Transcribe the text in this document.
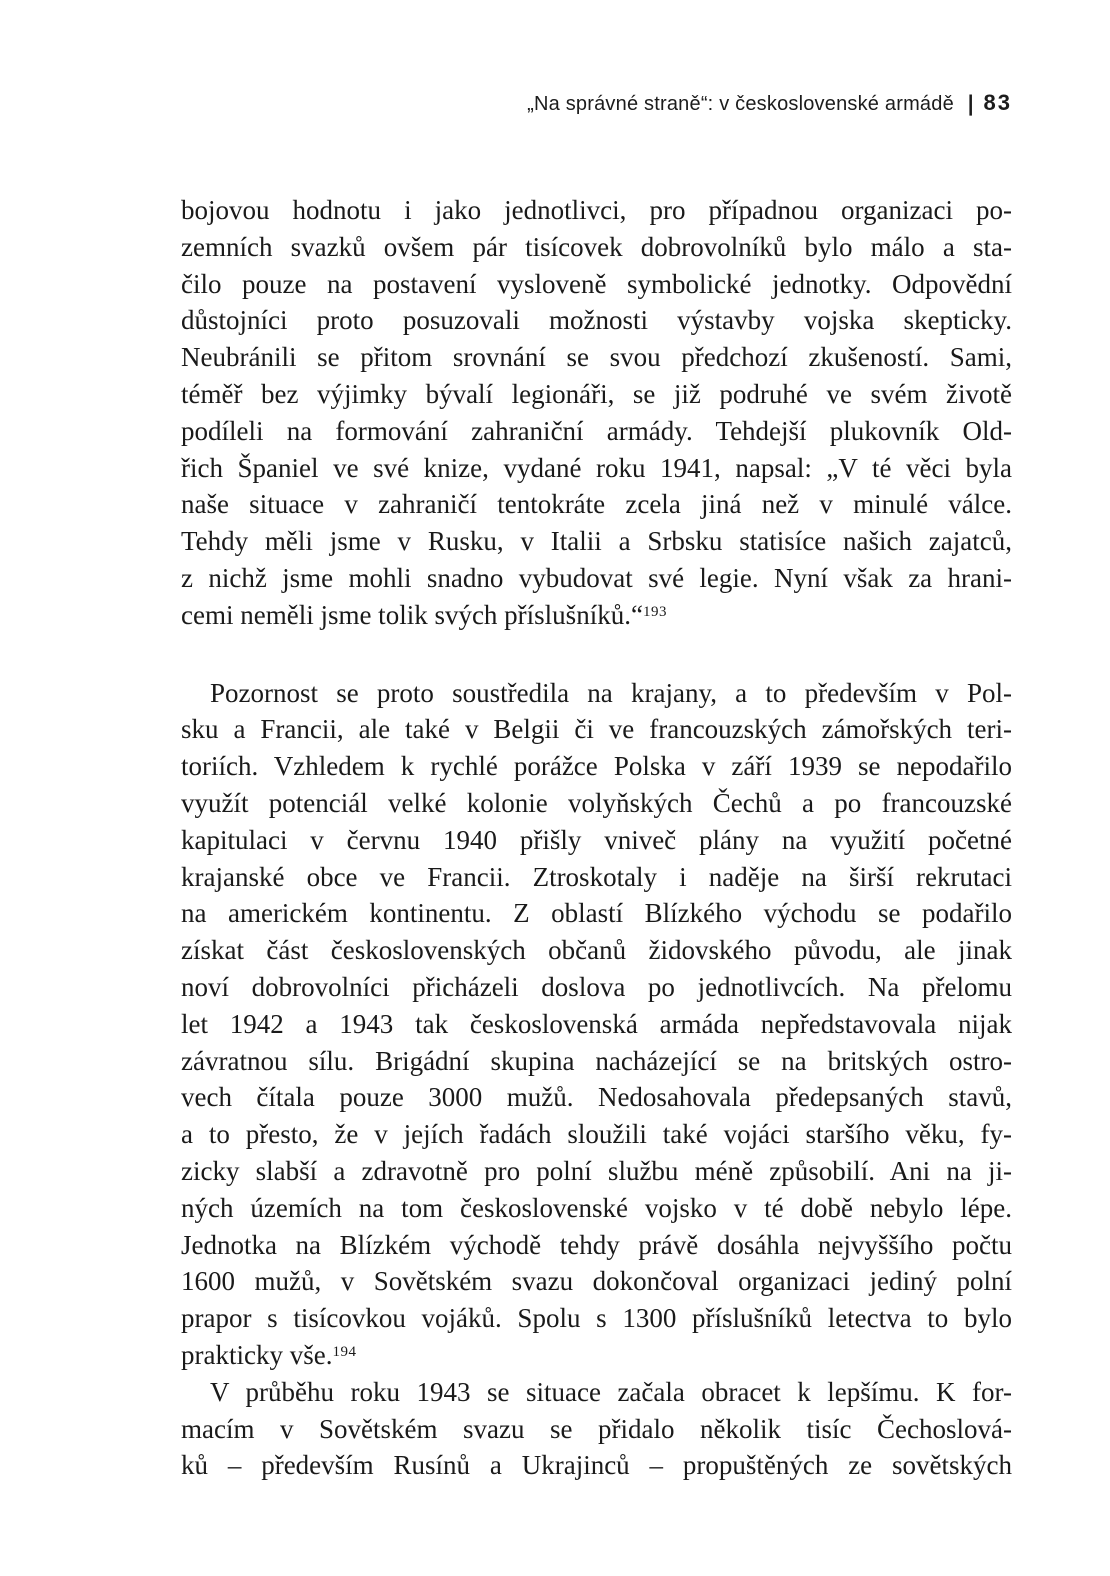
„Na správné straně“: v československé armádě | 83
bojovou hodnotu i jako jednotlivci, pro případnou organizaci po-
zemních svazků ovšem pár tisícovek dobrovolníků bylo málo a sta-
čilo pouze na postavení vysloveně symbolické jednotky. Odpovědní
důstojníci proto posuzovali možnosti výstavby vojska skepticky.
Neubránili se přitom srovnání se svou předchozí zkušeností. Sami,
téměř bez výjimky bývalí legionáři, se již podruhé ve svém životě
podíleli na formování zahraniční armády. Tehdejší plukovník Old-
řich Španiel ve své knize, vydané roku 1941, napsal: „V té věci byla
naše situace v zahraničí tentokráte zcela jiná než v minulé válce.
Tehdy měli jsme v Rusku, v Italii a Srbsku statisíce našich zajatců,
z nichž jsme mohli snadno vybudovat své legie. Nyní však za hrani-
cemi neměli jsme tolik svých příslušníků.“$^{193}$
Pozornost se proto soustředila na krajany, a to především v Pol-
sku a Francii, ale také v Belgii či ve francouzských zámořských teri-
toriích. Vzhledem k rychlé porážce Polska v září 1939 se nepodařilo
využít potenciál velké kolonie volyňských Čechů a po francouzské
kapitulaci v červnu 1940 přišly vniveč plány na využití početné
krajanské obce ve Francii. Ztroskotaly i naděje na širší rekrutaci
na americkém kontinentu. Z oblastí Blízkého východu se podařilo
získat část československých občanů židovského původu, ale jinak
noví dobrovolníci přicházeli doslova po jednotlivcích. Na přelomu
let 1942 a 1943 tak československá armáda nepředstavovala nijak
závratnou sílu. Brigádní skupina nacházející se na britských ostro-
vech čítala pouze 3000 mužů. Nedosahovala předepsaných stavů,
a to přesto, že v jejích řadách sloužili také vojáci staršího věku, fy-
zicky slabší a zdravotně pro polní službu méně způsobilí. Ani na ji-
ných územích na tom československé vojsko v té době nebylo lépe.
Jednotka na Blízkém východě tehdy právě dosáhla nejvyššího počtu
1600 mužů, v Sovětském svazu dokončoval organizaci jediný polní
prapor s tisícovkou vojáků. Spolu s 1300 příslušníků letectva to bylo
prakticky vše.$^{194}$
V průběhu roku 1943 se situace začala obracet k lepšímu. K for-
macím v Sovětském svazu se přidalo několik tisíc Čechoslová-
ků – především Rusínů a Ukrajinců – propuštěných ze sovětských
